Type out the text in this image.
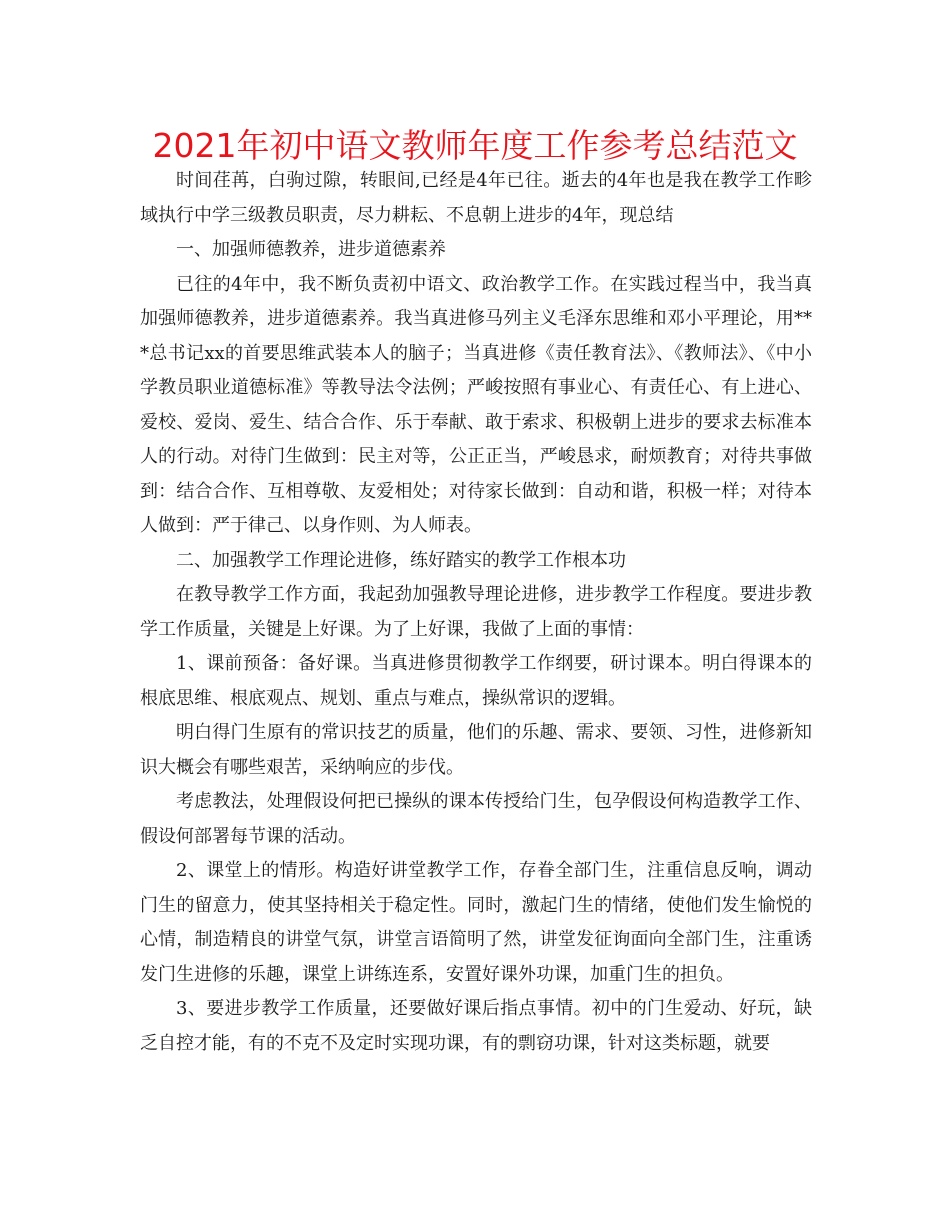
2021年初中语文教师年度工作参考总结范文

时间荏苒，白驹过隙，转眼间,已经是4年已往。逝去的4年也是我在教学工作畛域执行中学三级教员职责，尽力耕耘、不息朝上进步的4年，现总结

一、加强师德教养，进步道德素养

已往的4年中，我不断负责初中语文、政治教学工作。在实践过程当中，我当真加强师德教养，进步道德素养。我当真进修马列主义毛泽东思维和邓小平理论，用***总书记xx的首要思维武装本人的脑子；当真进修《责任教育法》、《教师法》、《中小学教员职业道德标准》等教导法令法例；严峻按照有事业心、有责任心、有上进心、爱校、爱岗、爱生、结合合作、乐于奉献、敢于索求、积极朝上进步的要求去标准本人的行动。对待门生做到：民主对等，公正正当，严峻恳求，耐烦教育；对待共事做到：结合合作、互相尊敬、友爱相处；对待家长做到：自动和谐，积极一样；对待本人做到：严于律己、以身作则、为人师表。

二、加强教学工作理论进修，练好踏实的教学工作根本功

在教导教学工作方面，我起劲加强教导理论进修，进步教学工作程度。要进步教学工作质量，关键是上好课。为了上好课，我做了上面的事情：

1、课前预备：备好课。当真进修贯彻教学工作纲要，研讨课本。明白得课本的根底思维、根底观点、规划、重点与难点，操纵常识的逻辑。

明白得门生原有的常识技艺的质量，他们的乐趣、需求、要领、习性，进修新知识大概会有哪些艰苦，采纳响应的步伐。

考虑教法，处理假设何把已操纵的课本传授给门生，包孕假设何构造教学工作、假设何部署每节课的活动。

2、课堂上的情形。构造好讲堂教学工作，存眷全部门生，注重信息反响，调动门生的留意力，使其坚持相关于稳定性。同时，激起门生的情绪，使他们发生愉悦的心情，制造精良的讲堂气氛，讲堂言语简明了然，讲堂发征询面向全部门生，注重诱发门生进修的乐趣，课堂上讲练连系，安置好课外功课，加重门生的担负。

3、要进步教学工作质量，还要做好课后指点事情。初中的门生爱动、好玩，缺乏自控才能，有的不克不及定时实现功课，有的剽窃功课，针对这类标题，就要
